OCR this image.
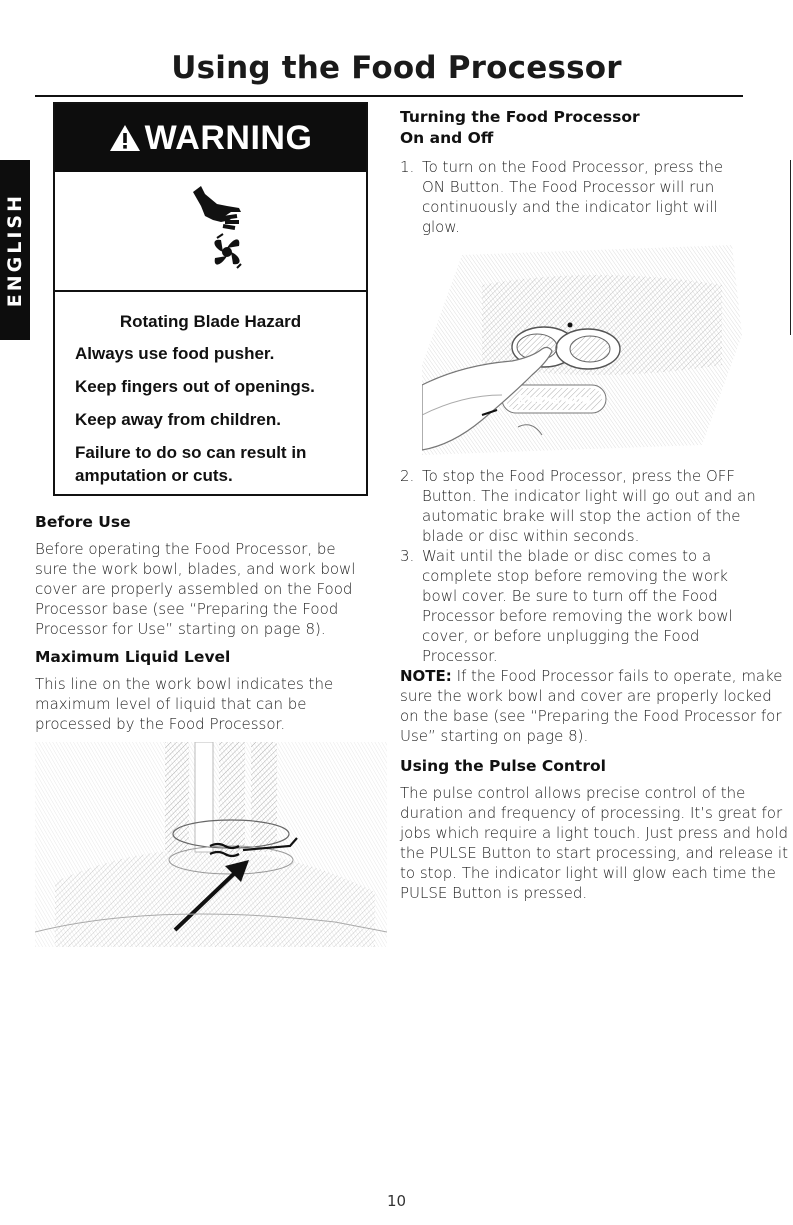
Using the Food Processor
ENGLISH
WARNING
Rotating Blade Hazard

Always use food pusher.

Keep fingers out of openings.

Keep away from children.

Failure to do so can result in amputation or cuts.

Before Use

Before operating the Food Processor, be sure the work bowl, blades, and work bowl cover are properly assembled on the Food Processor base (see “Preparing the Food Processor for Use” starting on page 8).

Maximum Liquid Level

This line on the work bowl indicates the maximum level of liquid that can be processed by the Food Processor.

Turning the Food Processor
On and Off
1. To turn on the Food Processor, press the ON Button. The Food Processor will run continuously and the indicator light will glow.
KitchenAid
2. To stop the Food Processor, press the OFF Button. The indicator light will go out and an automatic brake will stop the action of the blade or disc within seconds.
3. Wait until the blade or disc comes to a complete stop before removing the work bowl cover. Be sure to turn off the Food Processor before removing the work bowl cover, or before unplugging the Food Processor.

NOTE: If the Food Processor fails to operate, make sure the work bowl and cover are properly locked on the base (see “Preparing the Food Processor for Use” starting on page 8).

Using the Pulse Control

The pulse control allows precise control of the duration and frequency of processing. It’s great for jobs which require a light touch. Just press and hold the PULSE Button to start processing, and release it to stop. The indicator light will glow each time the PULSE Button is pressed.

10
